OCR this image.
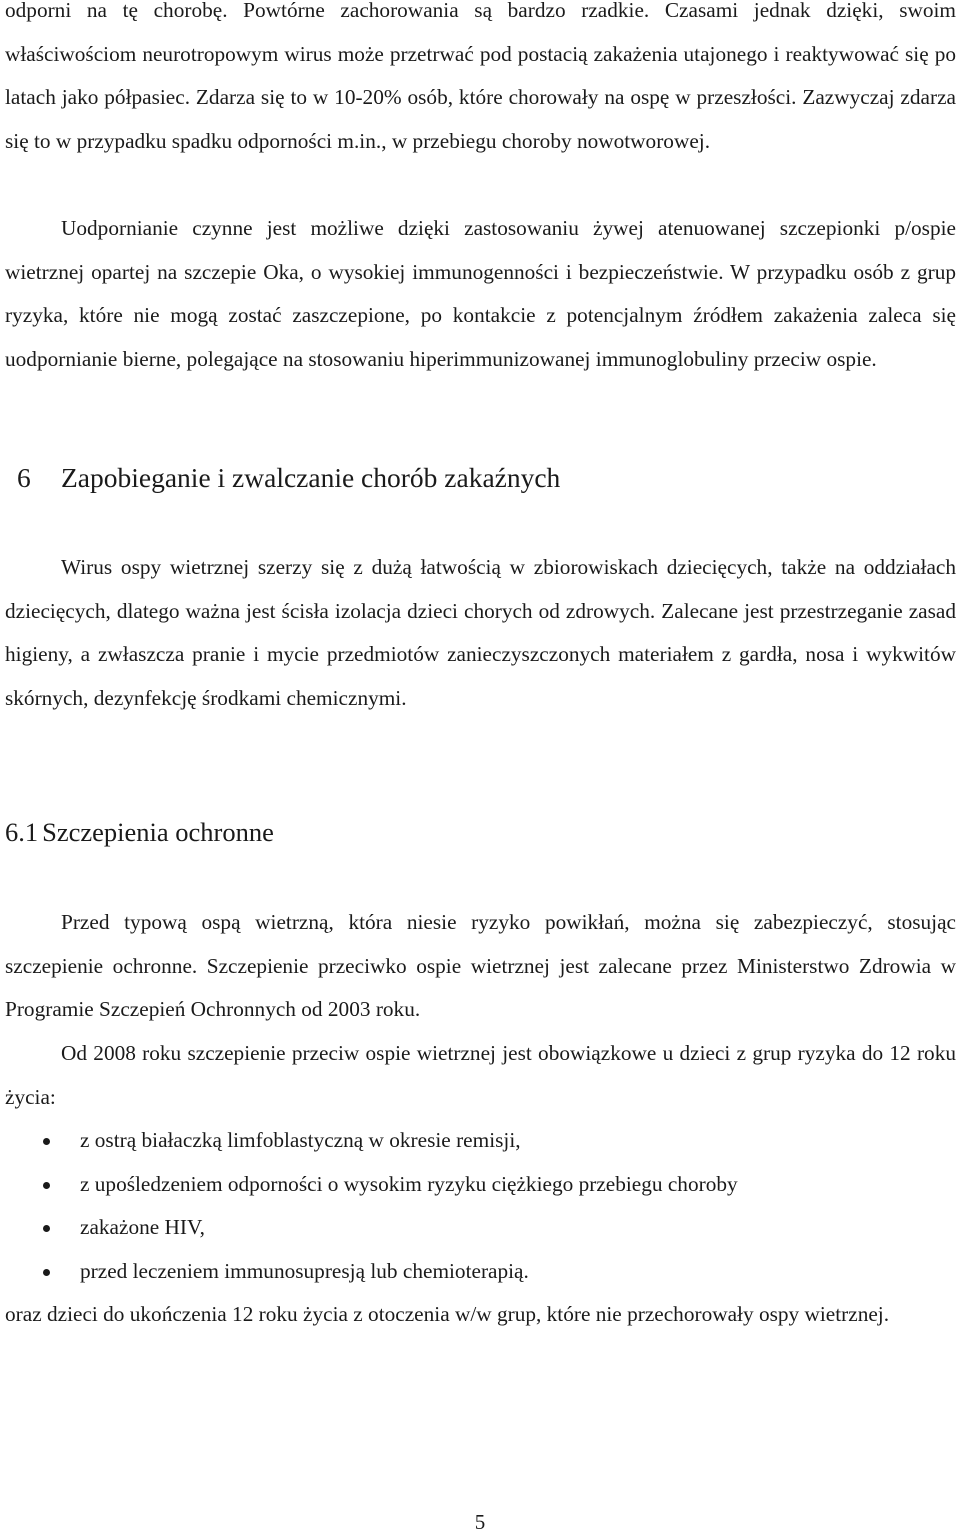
odporni na tę chorobę. Powtórne zachorowania są bardzo rzadkie. Czasami jednak dzięki, swoim właściwościom neurotropowym wirus może przetrwać pod postacią zakażenia utajonego i reaktywować się po latach jako półpasiec. Zdarza się to w 10-20% osób, które chorowały na ospę w przeszłości. Zazwyczaj zdarza się to w przypadku spadku odporności m.in., w przebiegu choroby nowotworowej.

Uodpornianie czynne jest możliwe dzięki zastosowaniu żywej atenuowanej szczepionki p/ospie wietrznej opartej na szczepie Oka, o wysokiej immunogenności i bezpieczeństwie. W przypadku osób z grup ryzyka, które nie mogą zostać zaszczepione, po kontakcie z potencjalnym źródłem zakażenia zaleca się uodpornianie bierne, polegające na stosowaniu hiperimmunizowanej immunoglobuliny przeciw ospie.

Wirus ospy wietrznej szerzy się z dużą łatwością w zbiorowiskach dziecięcych, także na oddziałach dziecięcych, dlatego ważna jest ścisła izolacja dzieci chorych od zdrowych. Zalecane jest przestrzeganie zasad higieny, a zwłaszcza pranie i mycie przedmiotów zanieczyszczonych materiałem z gardła, nosa i wykwitów skórnych, dezynfekcję środkami chemicznymi.

Przed typową ospą wietrzną, która niesie ryzyko powikłań, można się zabezpieczyć, stosując szczepienie ochronne. Szczepienie przeciwko ospie wietrznej jest zalecane przez Ministerstwo Zdrowia w Programie Szczepień Ochronnych od 2003 roku.

Od 2008 roku szczepienie przeciw ospie wietrznej jest obowiązkowe u dzieci z grup ryzyka do 12 roku życia:

z ostrą białaczką limfoblastyczną w okresie remisji,
z upośledzeniem odporności o wysokim ryzyku ciężkiego przebiegu choroby
zakażone HIV,
przed leczeniem immunosupresją lub chemioterapią.

oraz dzieci do ukończenia 12 roku życia z otoczenia w/w grup, które nie przechorowały ospy wietrznej.

6 Zapobieganie i zwalczanie chorób zakaźnych
6.1 Szczepienia ochronne
5
